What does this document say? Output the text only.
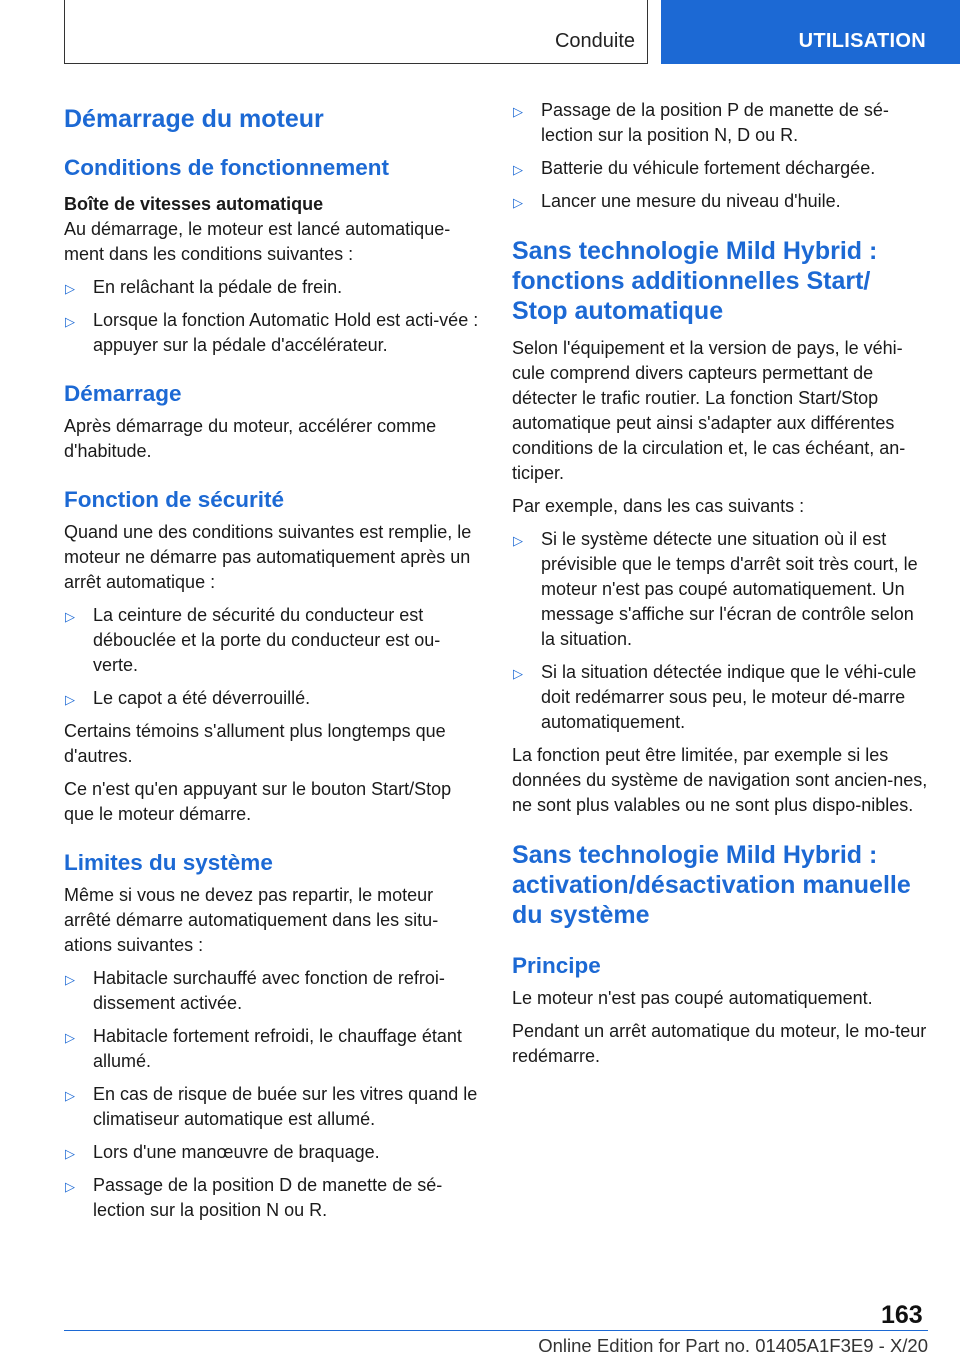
Conduite	UTILISATION
Démarrage du moteur
Conditions de fonctionnement
Boîte de vitesses automatique

Au démarrage, le moteur est lancé automatique‐ment dans les conditions suivantes :

▷ En relâchant la pédale de frein.
▷ Lorsque la fonction Automatic Hold est acti‐vée : appuyer sur la pédale d'accélérateur.
Démarrage

Après démarrage du moteur, accélérer comme d'habitude.

Fonction de sécurité

Quand une des conditions suivantes est remplie, le moteur ne démarre pas automatiquement après un arrêt automatique :

▷ La ceinture de sécurité du conducteur est débouclée et la porte du conducteur est ou‐verte.
▷ Le capot a été déverrouillé.

Certains témoins s'allument plus longtemps que d'autres.

Ce n'est qu'en appuyant sur le bouton Start/Stop que le moteur démarre.

Limites du système

Même si vous ne devez pas repartir, le moteur arrêté démarre automatiquement dans les situ‐ations suivantes :

▷ Habitacle surchauffé avec fonction de refroi‐dissement activée.
▷ Habitacle fortement refroidi, le chauffage étant allumé.
▷ En cas de risque de buée sur les vitres quand le climatiseur automatique est allumé.
▷ Lors d'une manœuvre de braquage.
▷ Passage de la position D de manette de sé‐lection sur la position N ou R.
▷ Passage de la position P de manette de sé‐lection sur la position N, D ou R.
▷ Batterie du véhicule fortement déchargée.
▷ Lancer une mesure du niveau d'huile.
Sans technologie Mild Hybrid : fonctions additionnelles Start/ Stop automatique

Selon l'équipement et la version de pays, le véhi‐cule comprend divers capteurs permettant de détecter le trafic routier. La fonction Start/Stop automatique peut ainsi s'adapter aux différentes conditions de la circulation et, le cas échéant, an‐ticiper.

Par exemple, dans les cas suivants :

▷ Si le système détecte une situation où il est prévisible que le temps d'arrêt soit très court, le moteur n'est pas coupé automatiquement. Un message s'affiche sur l'écran de contrôle selon la situation.
▷ Si la situation détectée indique que le véhi‐cule doit redémarrer sous peu, le moteur dé‐marre automatiquement.

La fonction peut être limitée, par exemple si les données du système de navigation sont ancien‐nes, ne sont plus valables ou ne sont plus dispo‐nibles.

Sans technologie Mild Hybrid : activation/désactivation manuelle du système
Principe

Le moteur n'est pas coupé automatiquement.

Pendant un arrêt automatique du moteur, le mo‐teur redémarre.

163
Online Edition for Part no. 01405A1F3E9 - X/20
